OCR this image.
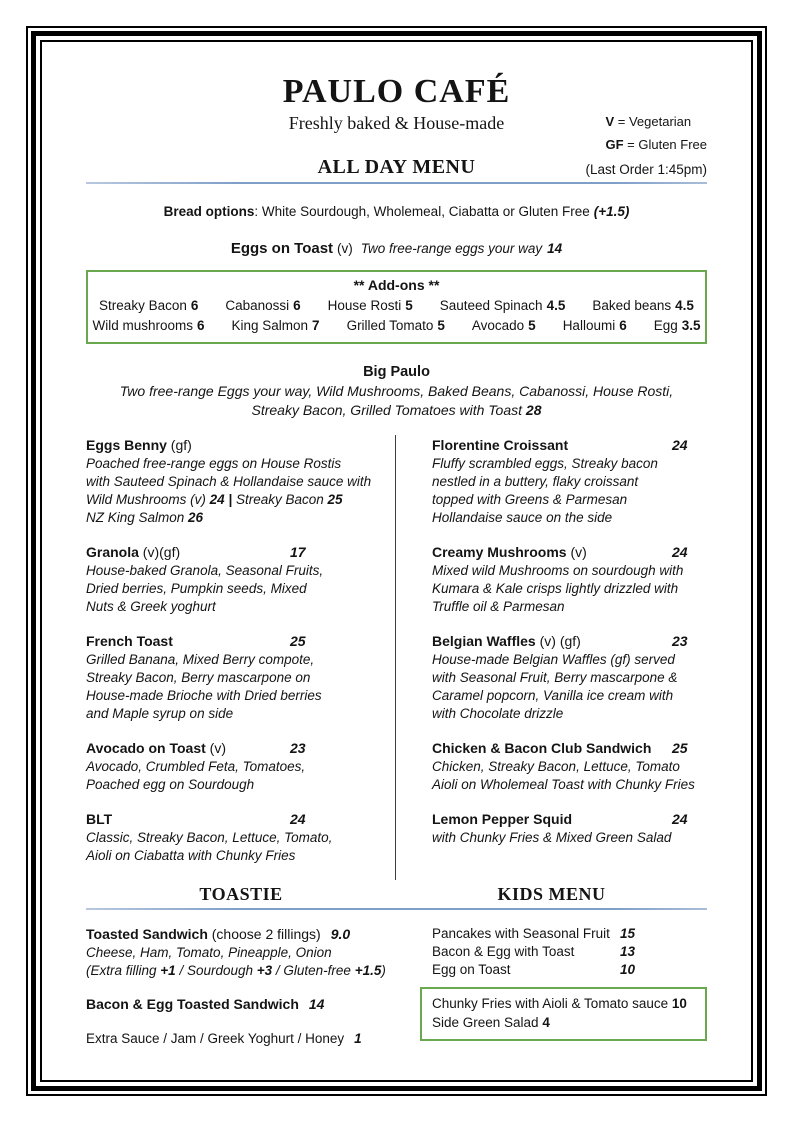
PAULO CAFÉ
Freshly baked & House-made	V = Vegetarian
GF = Gluten Free
ALL DAY MENU	(Last Order 1:45pm)
Bread options: White Sourdough, Wholemeal, Ciabatta or Gluten Free (+1.5)
Eggs on Toast (v) Two free-range eggs your way 14
** Add-ons **
Streaky Bacon 6 Cabanossi 6 House Rosti 5 Sauteed Spinach 4.5 Baked beans 4.5
Wild mushrooms 6 King Salmon 7 Grilled Tomato 5 Avocado 5 Halloumi 6 Egg 3.5
Big Paulo
Two free-range Eggs your way, Wild Mushrooms, Baked Beans, Cabanossi, House Rosti,
Streaky Bacon, Grilled Tomatoes with Toast 28
Eggs Benny (gf)
Poached free-range eggs on House Rostis
with Sauteed Spinach & Hollandaise sauce with
Wild Mushrooms (v) 24 | Streaky Bacon 25
NZ King Salmon 26
Granola (v)(gf)	17
House-baked Granola, Seasonal Fruits,
Dried berries, Pumpkin seeds, Mixed
Nuts & Greek yoghurt
French Toast	25
Grilled Banana, Mixed Berry compote,
Streaky Bacon, Berry mascarpone on
House-made Brioche with Dried berries
and Maple syrup on side
Avocado on Toast (v)	23
Avocado, Crumbled Feta, Tomatoes,
Poached egg on Sourdough
BLT	24
Classic, Streaky Bacon, Lettuce, Tomato,
Aioli on Ciabatta with Chunky Fries
Florentine Croissant	24
Fluffy scrambled eggs, Streaky bacon
nestled in a buttery, flaky croissant
topped with Greens & Parmesan
Hollandaise sauce on the side
Creamy Mushrooms (v)	24
Mixed wild Mushrooms on sourdough with
Kumara & Kale crisps lightly drizzled with
Truffle oil & Parmesan
Belgian Waffles (v) (gf)	23
House-made Belgian Waffles (gf) served
with Seasonal Fruit, Berry mascarpone &
Caramel popcorn, Vanilla ice cream with
with Chocolate drizzle
Chicken & Bacon Club Sandwich 25
Chicken, Streaky Bacon, Lettuce, Tomato
Aioli on Wholemeal Toast with Chunky Fries
Lemon Pepper Squid	24
with Chunky Fries & Mixed Green Salad
TOASTIE	KIDS MENU
Toasted Sandwich (choose 2 fillings) 9.0
Cheese, Ham, Tomato, Pineapple, Onion
(Extra filling +1 / Sourdough +3 / Gluten-free +1.5)
Bacon & Egg Toasted Sandwich 14
Extra Sauce / Jam / Greek Yoghurt / Honey 1
Pancakes with Seasonal Fruit 15
Bacon & Egg with Toast	13
Egg on Toast	10
Chunky Fries with Aioli & Tomato sauce 10
Side Green Salad 4
